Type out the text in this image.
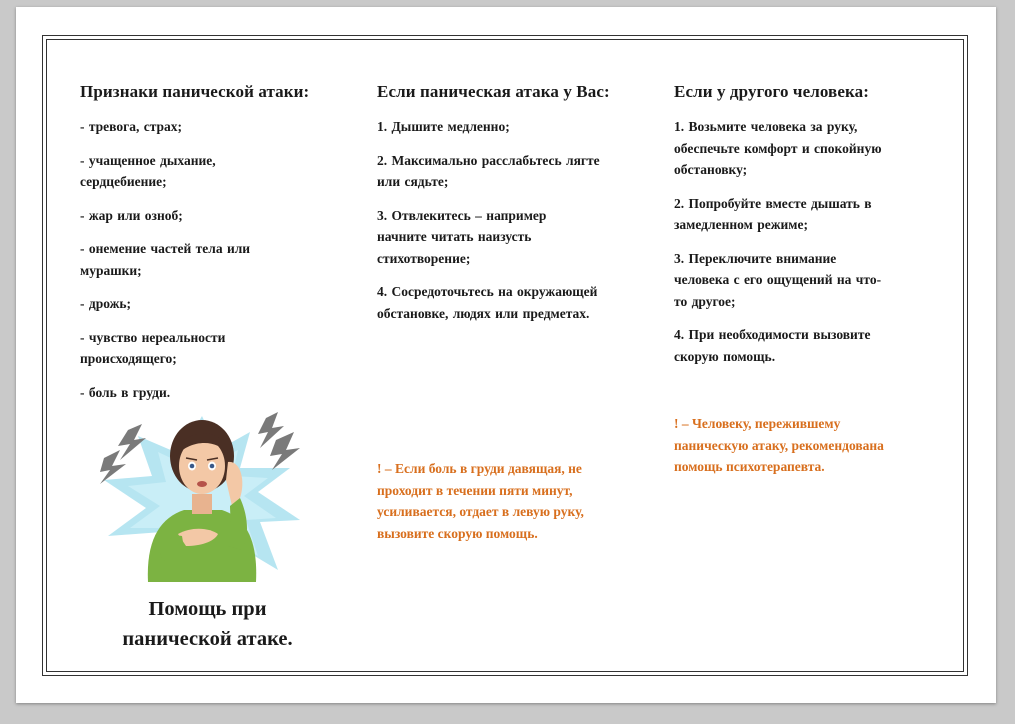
Признаки панической атаки:
- тревога, страх;
- учащенное дыхание, сердцебиение;
- жар или озноб;
- онемение частей тела или мурашки;
- дрожь;
- чувство нереальности происходящего;
- боль в груди.
Помощь при панической атаке.
Если паническая атака у Вас:
1. Дышите медленно;
2. Максимально расслабьтесь лягте или сядьте;
3. Отвлекитесь – например начните читать наизусть стихотворение;
4. Сосредоточьтесь на окружающей обстановке, людях или предметах.
! – Если боль в груди давящая, не проходит в течении пяти минут, усиливается, отдает в левую руку, вызовите скорую помощь.
Если у другого человека:
1. Возьмите человека за руку, обеспечьте комфорт и спокойную обстановку;
2. Попробуйте вместе дышать в замедленном режиме;
3. Переключите внимание человека с его ощущений на что-то другое;
4. При необходимости вызовите скорую помощь.
! – Человеку, пережившему паническую атаку, рекомендована помощь психотерапевта.
